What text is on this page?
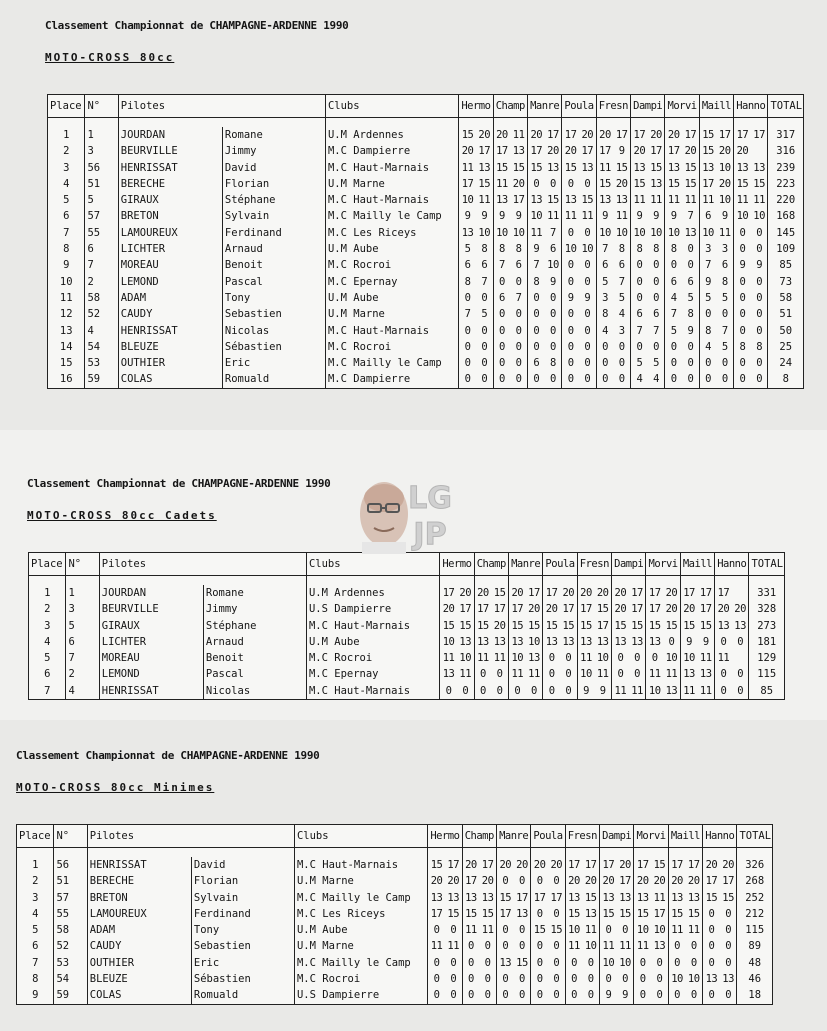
Classement Championnat de CHAMPAGNE-ARDENNE 1990
MOTO-CROSS 80cc
Place	N°	Pilotes		Clubs	Hermo		Champ		Manre		Poula		Fresn		Dampi		Morvi		Maill		Hanno		TOTAL

1	1	JOURDAN	Romane	U.M Ardennes	15	20	20	11	20	17	17	20	20	17	17	20	20	17	15	17	17	17	317
2	3	BEURVILLE	Jimmy	M.C Dampierre	20	17	17	13	17	20	20	17	17	9	20	17	17	20	15	20	20		316
3	56	HENRISSAT	David	M.C Haut-Marnais	11	13	15	15	15	13	15	13	11	15	13	15	13	15	13	10	13	13	239
4	51	BERECHE	Florian	U.M Marne	17	15	11	20	0	0	0	0	15	20	15	13	15	15	17	20	15	15	223
5	5	GIRAUX	Stéphane	M.C Haut-Marnais	10	11	13	17	13	15	13	15	13	13	11	11	11	11	11	10	11	11	220
6	57	BRETON	Sylvain	M.C Mailly le Camp	9	9	9	9	10	11	11	11	9	11	9	9	9	7	6	9	10	10	168
7	55	LAMOUREUX	Ferdinand	M.C Les Riceys	13	10	10	10	11	7	0	0	10	10	10	10	10	13	10	11	0	0	145
8	6	LICHTER	Arnaud	U.M Aube	5	8	8	8	9	6	10	10	7	8	8	8	8	0	3	3	0	0	109
9	7	MOREAU	Benoit	M.C Rocroi	6	6	7	6	7	10	0	0	6	6	0	0	0	0	7	6	9	9	85
10	2	LEMOND	Pascal	M.C Epernay	8	7	0	0	8	9	0	0	5	7	0	0	6	6	9	8	0	0	73
11	58	ADAM	Tony	U.M Aube	0	0	6	7	0	0	9	9	3	5	0	0	4	5	5	5	0	0	58
12	52	CAUDY	Sebastien	U.M Marne	7	5	0	0	0	0	0	0	8	4	6	6	7	8	0	0	0	0	51
13	4	HENRISSAT	Nicolas	M.C Haut-Marnais	0	0	0	0	0	0	0	0	4	3	7	7	5	9	8	7	0	0	50
14	54	BLEUZE	Sébastien	M.C Rocroi	0	0	0	0	0	0	0	0	0	0	0	0	0	0	4	5	8	8	25
15	53	OUTHIER	Eric	M.C Mailly le Camp	0	0	0	0	6	8	0	0	0	0	5	5	0	0	0	0	0	0	24
16	59	COLAS	Romuald	M.C Dampierre	0	0	0	0	0	0	0	0	0	0	4	4	0	0	0	0	0	0	8
Classement Championnat de CHAMPAGNE-ARDENNE 1990
MOTO-CROSS 80cc Cadets
Place	N°	Pilotes		Clubs	Hermo		Champ		Manre		Poula		Fresn		Dampi		Morvi		Maill		Hanno		TOTAL

1	1	JOURDAN	Romane	U.M Ardennes	17	20	20	15	20	17	17	20	20	20	20	17	17	20	17	17	17		331
2	3	BEURVILLE	Jimmy	U.S Dampierre	20	17	17	17	17	20	20	17	17	15	20	17	17	20	20	17	20	20	328
3	5	GIRAUX	Stéphane	M.C Haut-Marnais	15	15	15	20	15	15	15	15	15	17	15	15	15	15	15	15	13	13	273
4	6	LICHTER	Arnaud	U.M Aube	10	13	13	13	13	10	13	13	13	13	13	13	13	0	9	9	0	0	181
5	7	MOREAU	Benoit	M.C Rocroi	11	10	11	11	10	13	0	0	11	10	0	0	0	10	10	11	11		129
6	2	LEMOND	Pascal	M.C Epernay	13	11	0	0	11	11	0	0	10	11	0	0	11	11	13	13	0	0	115
7	4	HENRISSAT	Nicolas	M.C Haut-Marnais	0	0	0	0	0	0	0	0	9	9	11	11	10	13	11	11	0	0	85
Classement Championnat de CHAMPAGNE-ARDENNE 1990
MOTO-CROSS 80cc Minimes
Place	N°	Pilotes		Clubs	Hermo		Champ		Manre		Poula		Fresn		Dampi		Morvi		Maill		Hanno		TOTAL

1	56	HENRISSAT	David	M.C Haut-Marnais	15	17	20	17	20	20	20	20	17	17	17	20	17	15	17	17	20	20	326
2	51	BERECHE	Florian	U.M Marne	20	20	17	20	0	0	0	0	20	20	20	17	20	20	20	20	17	17	268
3	57	BRETON	Sylvain	M.C Mailly le Camp	13	13	13	13	15	17	17	17	13	15	13	13	13	11	13	13	15	15	252
4	55	LAMOUREUX	Ferdinand	M.C Les Riceys	17	15	15	15	17	13	0	0	15	13	15	15	15	17	15	15	0	0	212
5	58	ADAM	Tony	U.M Aube	0	0	11	11	0	0	15	15	10	11	0	0	10	10	11	11	0	0	115
6	52	CAUDY	Sebastien	U.M Marne	11	11	0	0	0	0	0	0	11	10	11	11	11	13	0	0	0	0	89
7	53	OUTHIER	Eric	M.C Mailly le Camp	0	0	0	0	13	15	0	0	0	0	10	10	0	0	0	0	0	0	48
8	54	BLEUZE	Sébastien	M.C Rocroi	0	0	0	0	0	0	0	0	0	0	0	0	0	0	10	10	13	13	46
9	59	COLAS	Romuald	U.S Dampierre	0	0	0	0	0	0	0	0	0	0	9	9	0	0	0	0	0	0	18
LG
JP
